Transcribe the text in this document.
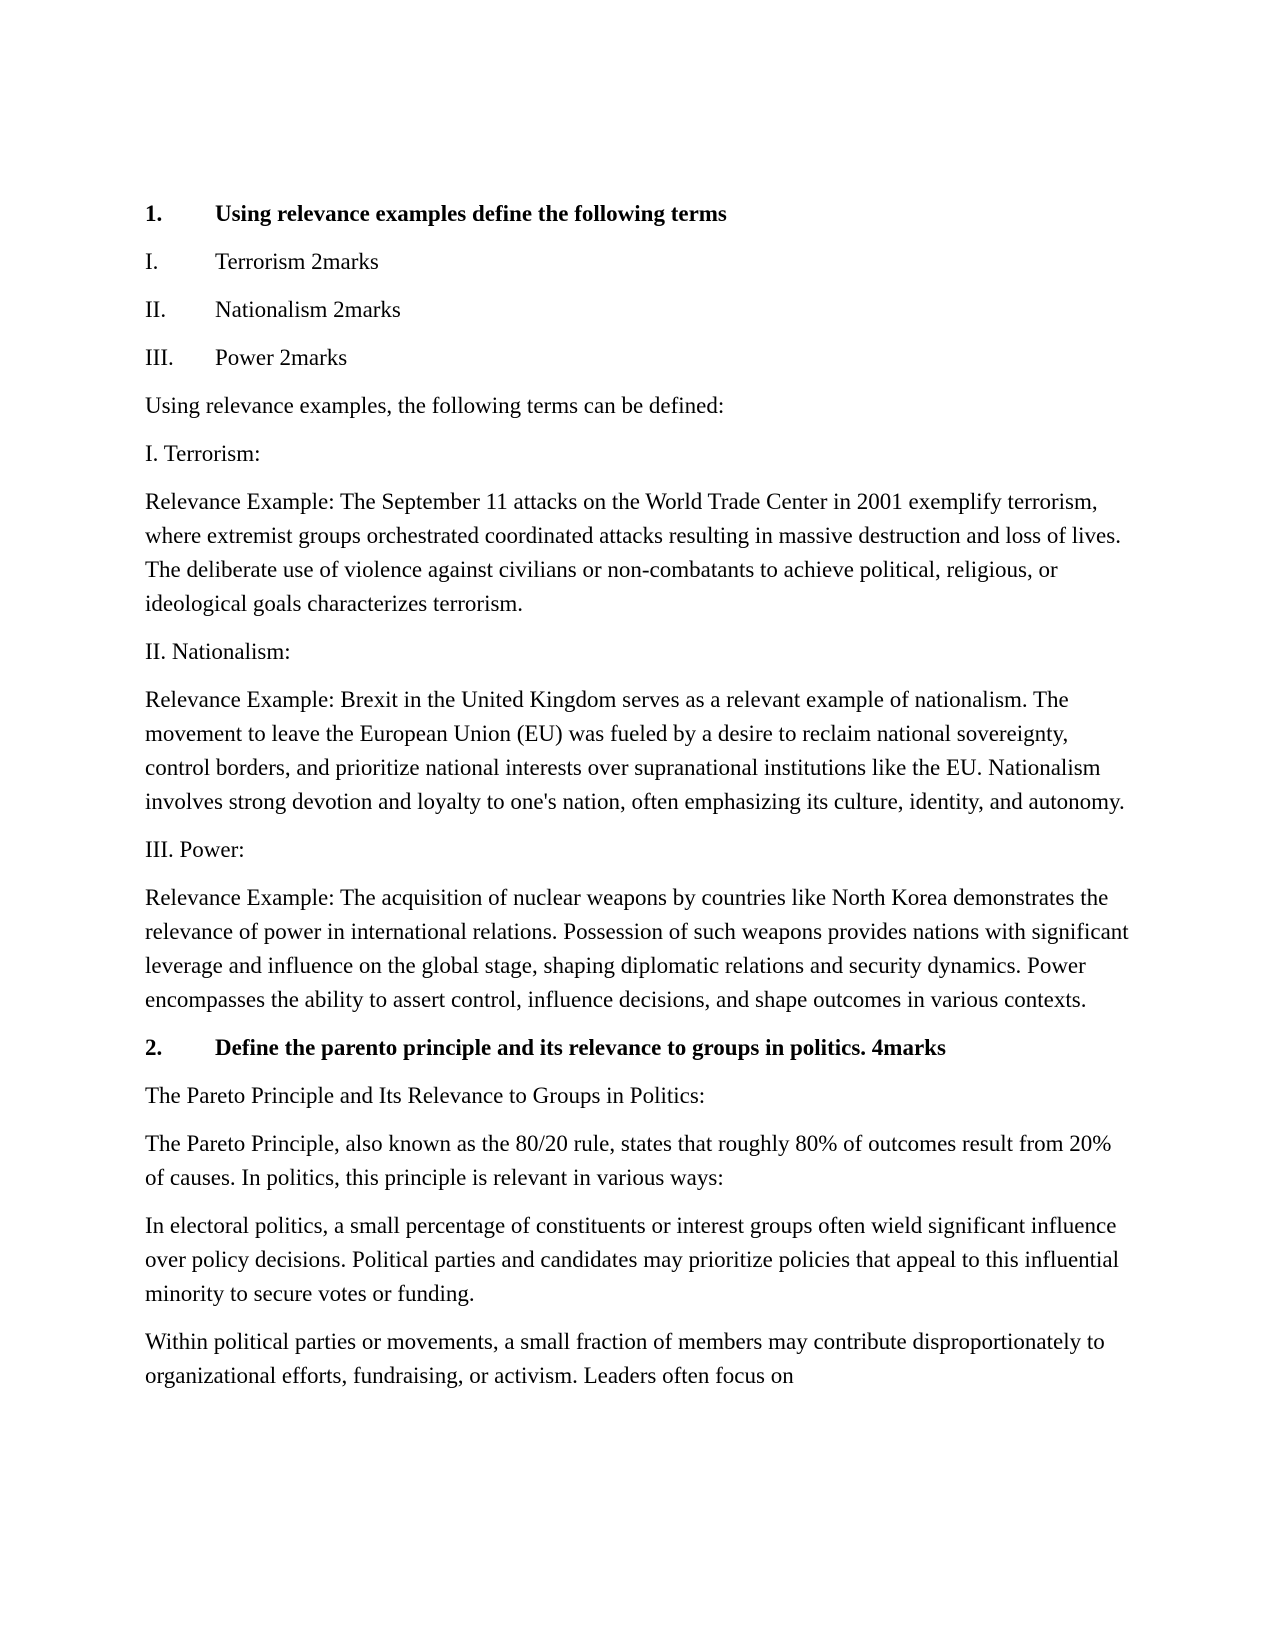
1.	Using relevance examples define the following terms
I.	Terrorism 2marks
II.	Nationalism 2marks
III.	Power 2marks
Using relevance examples, the following terms can be defined:
I. Terrorism:
Relevance Example: The September 11 attacks on the World Trade Center in 2001 exemplify terrorism, where extremist groups orchestrated coordinated attacks resulting in massive destruction and loss of lives. The deliberate use of violence against civilians or non-combatants to achieve political, religious, or ideological goals characterizes terrorism.
II. Nationalism:
Relevance Example: Brexit in the United Kingdom serves as a relevant example of nationalism. The movement to leave the European Union (EU) was fueled by a desire to reclaim national sovereignty, control borders, and prioritize national interests over supranational institutions like the EU. Nationalism involves strong devotion and loyalty to one's nation, often emphasizing its culture, identity, and autonomy.
III. Power:
Relevance Example: The acquisition of nuclear weapons by countries like North Korea demonstrates the relevance of power in international relations. Possession of such weapons provides nations with significant leverage and influence on the global stage, shaping diplomatic relations and security dynamics. Power encompasses the ability to assert control, influence decisions, and shape outcomes in various contexts.
2.	Define the parento principle and its relevance to groups in politics. 4marks
The Pareto Principle and Its Relevance to Groups in Politics:
The Pareto Principle, also known as the 80/20 rule, states that roughly 80% of outcomes result from 20% of causes. In politics, this principle is relevant in various ways:
In electoral politics, a small percentage of constituents or interest groups often wield significant influence over policy decisions. Political parties and candidates may prioritize policies that appeal to this influential minority to secure votes or funding.
Within political parties or movements, a small fraction of members may contribute disproportionately to organizational efforts, fundraising, or activism. Leaders often focus on
